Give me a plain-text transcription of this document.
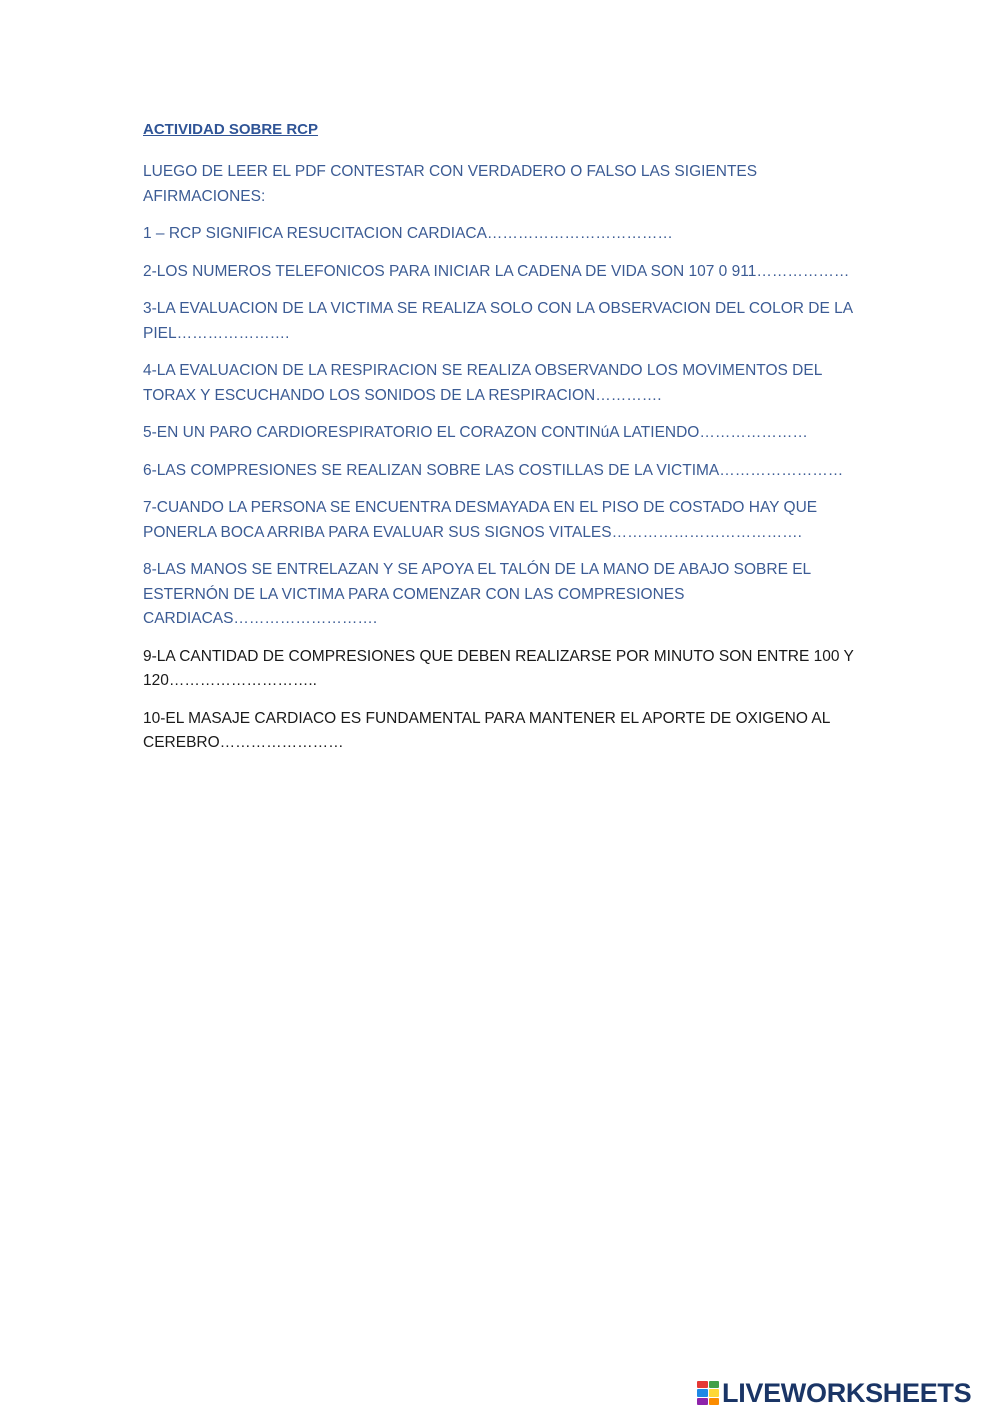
ACTIVIDAD SOBRE RCP

LUEGO DE LEER EL PDF CONTESTAR CON VERDADERO O FALSO LAS SIGIENTES AFIRMACIONES:

1 – RCP SIGNIFICA RESUCITACION CARDIACA………………………………

2-LOS NUMEROS TELEFONICOS PARA INICIAR LA CADENA DE VIDA SON 107 0 911………………

3-LA EVALUACION DE LA VICTIMA SE REALIZA SOLO CON LA OBSERVACION DEL COLOR DE LA PIEL………………….

4-LA EVALUACION DE LA RESPIRACION SE REALIZA OBSERVANDO LOS MOVIMENTOS DEL TORAX Y ESCUCHANDO LOS SONIDOS DE LA RESPIRACION………….

5-EN UN PARO CARDIORESPIRATORIO EL CORAZON CONTINúA LATIENDO…………………

6-LAS COMPRESIONES SE REALIZAN SOBRE LAS COSTILLAS DE LA VICTIMA……………………

7-CUANDO LA PERSONA SE ENCUENTRA DESMAYADA EN EL PISO DE COSTADO HAY QUE PONERLA BOCA ARRIBA PARA EVALUAR SUS SIGNOS VITALES……………………………….

8-LAS MANOS SE ENTRELAZAN Y SE APOYA EL TALÓN DE LA MANO DE ABAJO SOBRE EL ESTERNÓN DE LA VICTIMA PARA COMENZAR CON LAS COMPRESIONES CARDIACAS……………………….

9-LA CANTIDAD DE COMPRESIONES QUE DEBEN REALIZARSE POR MINUTO SON ENTRE 100 Y 120………………………..

10-EL MASAJE CARDIACO ES FUNDAMENTAL PARA MANTENER EL APORTE DE OXIGENO AL CEREBRO……………………

LIVEWORKSHEETS
